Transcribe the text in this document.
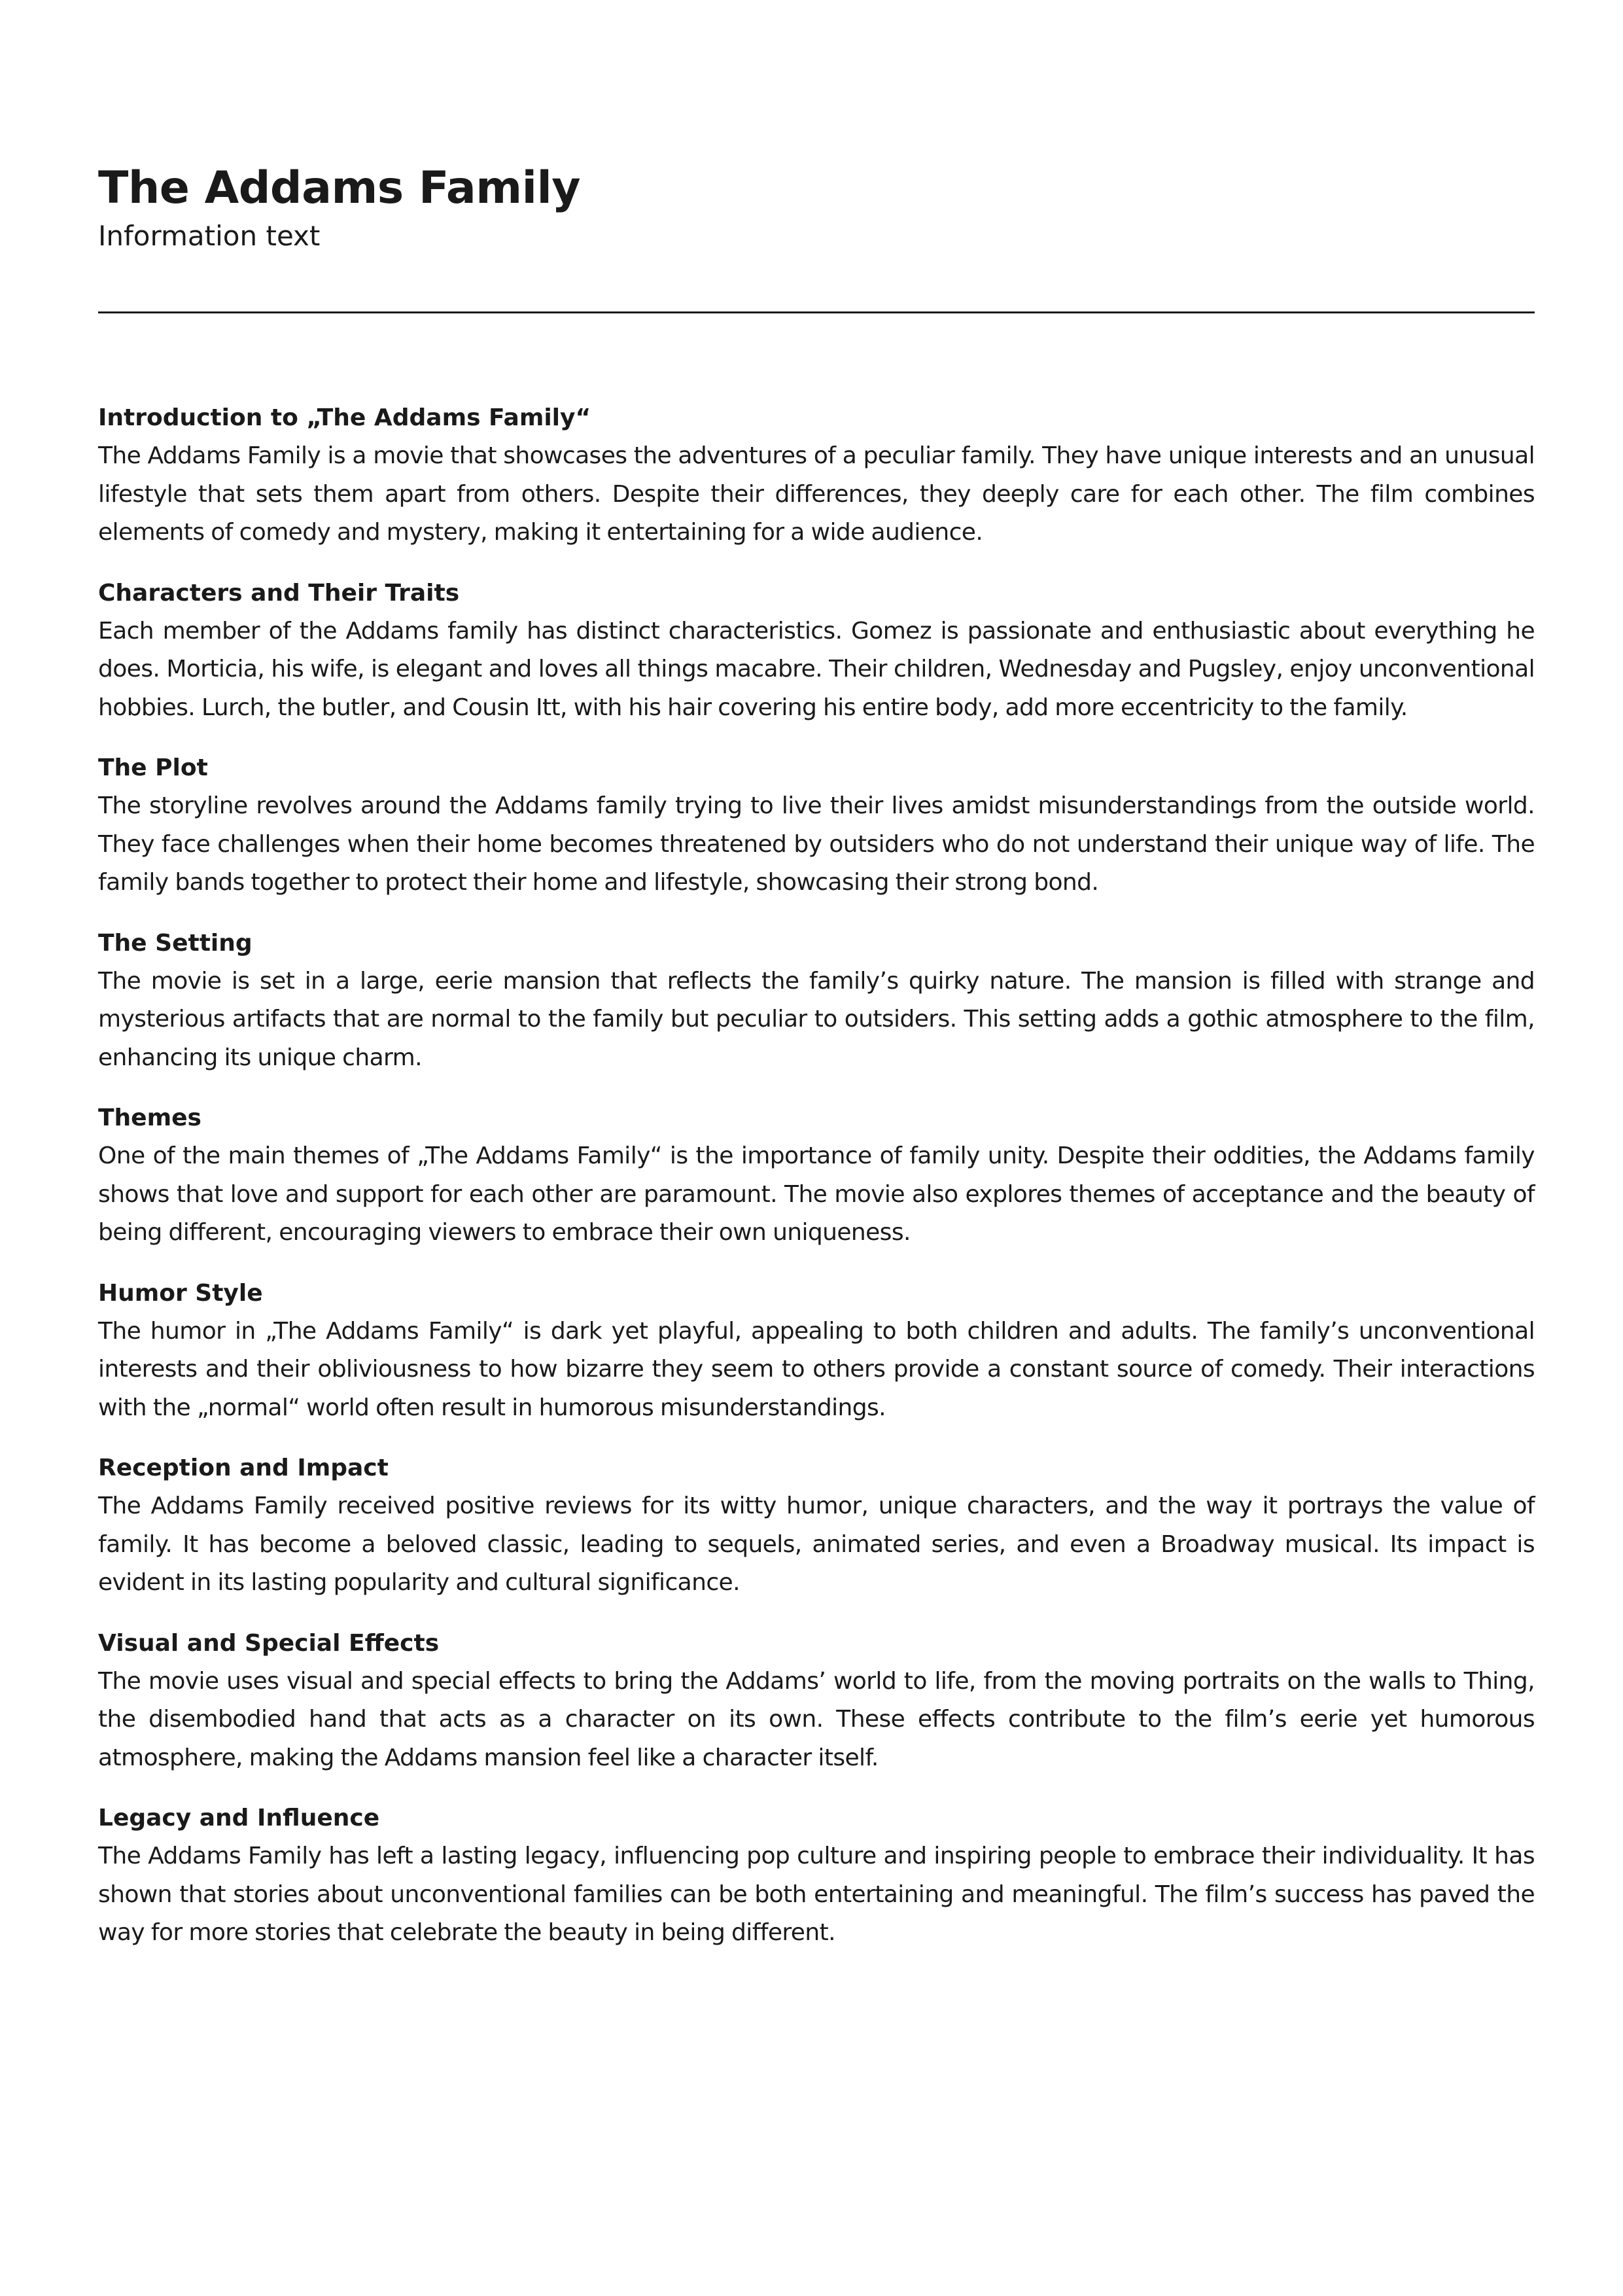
The Addams Family

Information text

Introduction to „The Addams Family“

The Addams Family is a movie that showcases the adventures of a peculiar family. They have unique interests and an unusual lifestyle that sets them apart from others. Despite their differences, they deeply care for each other. The film combines elements of comedy and mystery, making it entertaining for a wide audience.

Characters and Their Traits

Each member of the Addams family has distinct characteristics. Gomez is passionate and enthusiastic about everything he does. Morticia, his wife, is elegant and loves all things macabre. Their children, Wednesday and Pugsley, enjoy unconventional hobbies. Lurch, the butler, and Cousin Itt, with his hair covering his entire body, add more eccentricity to the family.

The Plot

The storyline revolves around the Addams family trying to live their lives amidst misunderstandings from the outside world. They face challenges when their home becomes threatened by outsiders who do not understand their unique way of life. The family bands together to protect their home and lifestyle, showcasing their strong bond.

The Setting

The movie is set in a large, eerie mansion that reflects the family’s quirky nature. The mansion is filled with strange and mysterious artifacts that are normal to the family but peculiar to outsiders. This setting adds a gothic atmosphere to the film, enhancing its unique charm.

Themes

One of the main themes of „The Addams Family“ is the importance of family unity. Despite their oddities, the Addams family shows that love and support for each other are paramount. The movie also explores themes of acceptance and the beauty of being different, encouraging viewers to embrace their own uniqueness.

Humor Style

The humor in „The Addams Family“ is dark yet playful, appealing to both children and adults. The family’s unconventional interests and their obliviousness to how bizarre they seem to others provide a constant source of comedy. Their interactions with the „normal“ world often result in humorous misunderstandings.

Reception and Impact

The Addams Family received positive reviews for its witty humor, unique characters, and the way it portrays the value of family. It has become a beloved classic, leading to sequels, animated series, and even a Broadway musical. Its impact is evident in its lasting popularity and cultural significance.

Visual and Special Effects

The movie uses visual and special effects to bring the Addams’ world to life, from the moving portraits on the walls to Thing, the disembodied hand that acts as a character on its own. These effects contribute to the film’s eerie yet humorous atmosphere, making the Addams mansion feel like a character itself.

Legacy and Influence

The Addams Family has left a lasting legacy, influencing pop culture and inspiring people to embrace their individuality. It has shown that stories about unconventional families can be both entertaining and meaningful. The film’s success has paved the way for more stories that celebrate the beauty in being different.
